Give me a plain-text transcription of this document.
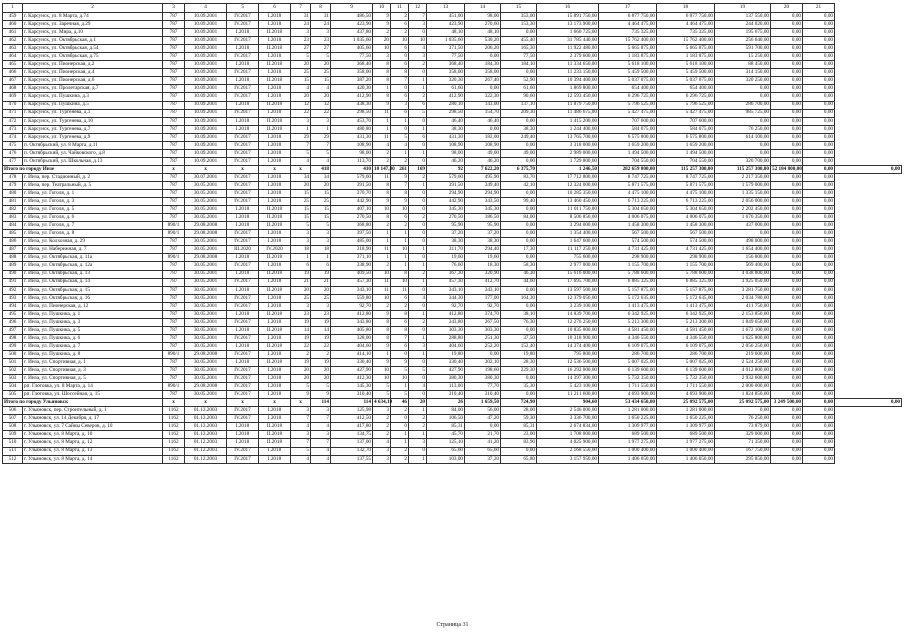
1	2	3	4	5	6	7	8	9	10	11	12	13	14	15	16	17	18	19	20	21	
459	г. Карсунск, ул. 8 Марта, д.74	787	10.09.2001	IV.2017	I.2018	31	31	486,50	9	2	7	451,00	98,00	353,00	15 891 750,00	6 877 750,00	6 877 750,00	137 550,00	0,00	0,00	
460	г. Карсунск, ул. Заречная, д.29	787	10.09.2001	IV.2017	I.2018	24	24	423,90	9	6	3	423,90	270,60	153,30	13 173 900,00	4 464 475,00	4 464 475,00	244 020,00	0,00	0,00	
461	г. Карсунск, ул. Мира, д.10	787	10.09.2001	I.2018	II.2018	3	3	437,80	2	2	0	48,10	48,10	0,00	1 660 725,00	735 325,00	735 325,00	195 675,00	0,00	0,00	
462	г. Карсунск, ул. Октябрьская, д.1	787	10.09.2001	IV.2017	I.2018	23	23	1 035,60	20	10	10	1 035,60	530,20	455,40	31 785 440,00	15 762 400,00	15 762 400,00	256 640,00	0,00	0,00	
463	г. Карсунск, ул. Октябрьская, д.54	787	10.09.2001	I.2018	II.2018	27	27	405,60	10	6	4	371,50	206,20	165,30	11 922 480,00	5 665 875,00	5 665 875,00	591 700,00	0,00	0,00	
464	г. Карсунск, ул. Октябрьская, д.75	787	10.09.2001	IV.2017	I.2018	5	5	77,50	3	0	3	77,50	0,00	77,50	2 379 600,00	1 183 875,00	1 183 875,00	15 250,00	0,00	0,00	
465	г. Карсунск, ул. Пионерская, д.2	787	10.09.2001	I.2018	II.2018	20	20	368,40	8	6	2	368,40	184,30	184,10	11 334 650,00	5 618 100,00	5 618 100,00	88 450,00	0,00	0,00	
466	г. Карсунск, ул. Пионерская, д.4	787	10.09.2001	IV.2017	I.2018	25	25	358,00	8	8	0	358,00	358,00	0,00	11 233 150,00	5 459 500,00	5 459 500,00	314 150,00	0,00	0,00	
467	г. Карсунск, ул. Пионерская, д.6	787	10.09.2001	I.2018	II.2018	15	15	387,20	8	7	1	320,30	267,40	52,90	10 394 400,00	5 037 075,00	5 037 075,00	320 250,00	0,00	0,00	
468	г. Карсунск, ул. Пролетарская, д.7	787	10.09.2001	IV.2017	I.2018	4	4	420,30	1	0	1	61,60	0,00	61,60	1 869 800,00	654 400,00	654 400,00	0,00	0,00	0,00	
469	г. Карсунск, ул. Пушкина, д.3	787	10.09.2001	IV.2017	I.2018	20	20	412,90	8	6	2	412,90	322,30	90,60	12 593 450,00	6 296 725,00	6 296 725,00	0,00	0,00	0,00	
470	г. Карсунск, ул. Пушкина, д.5	787	10.09.2001	I.2018	II.2018	12	12	438,30	9	3	6	280,10	143,00	137,10	11 879 750,00	5 796 525,00	5 796 525,00	286 700,00	0,00	0,00	
471	г. Карсунск, ул. Тургенева, д.1	787	10.09.2001	IV.2017	I.2018	22	22	298,50	11	6	5	298,50	154,70	209,30	11 486 675,00	5 427 475,00	5 427 475,00	985 725,00	0,00	0,00	
472	г. Карсунск, ул. Тургенева, д.10	787	10.09.2001	I.2018	II.2018	3	3	453,70	1	1	0	46,40	46,40	0,00	1 415 200,00	707 600,00	707 600,00	0,00	0,00	0,00	
473	г. Карсунск, ул. Тургенева, д.7	787	10.09.2001	I.2018	II.2018	1	1	480,80	1	0	1	38,30	0,00	38,30	1 244 400,00	584 075,00	584 075,00	76 250,00	0,00	0,00	
474	г. Карсунск, ул. Тургенева, д.9	787	10.09.2001	IV.2017	I.2018	29	29	431,30	11	5	6	431,30	182,00	249,40	13 765 700,00	6 575 800,00	6 575 800,00	614 100,00	0,00	0,00	
475	п. Октябрьский, ул. 8 Марта, д.11	787	10.09.2001	IV.2017	I.2018	7	7	108,90	4	4	0	108,90	108,90	0,00	3 318 000,00	1 659 200,00	1 659 200,00	0,00	0,00	0,00	
476	п. Октябрьский, ул. Чайковского, д.8	787	10.09.2001	IV.2017	I.2018	5	5	98,00	2	1	1	98,00	49,00	49,00	2 989 000,00	1 494 500,00	1 494 500,00	0,00	0,00	0,00	
477	п. Октябрьский, ул. Школьная, д.13	787	10.09.2001	IV.2017	I.2018	4	4	113,70	2	2	0	46,20	46,20	0,00	1 729 800,00	704 550,00	704 550,00	320 700,00	0,00	0,00	
Итого по городу Инзе		x	x	x	x	x	418	410	10 147,80	261	169	92	7 622,20	6 375,70	1 246,50	282 659 800,00	115 257 300,00	115 257 300,00	52 184 800,00	0,00	0,00
478	г. Инза, пер. Стадионный, д. 2	787	30.07.2001	IV.2017	I.2018	34	34	579,60	11	9	2	579,60	495,90	83,70	17 712 800,00	8 747 725,00	8 747 725,00	2 217 350,00	0,00	0,00	
479	г. Инза, пер. Театральный, д. 5	787	30.05.2001	IV.2017	I.2018	20	20	391,50	8	7	1	391,50	349,40	42,10	12 324 000,00	5 871 575,00	5 871 575,00	1 579 000,00	0,00	0,00	
480	г. Инза, ул. Гоголя, д. 1	787	30.05.2001	IV.2017	I.2018	15	15	370,70	8	8	0	294,90	294,90	0,00	10 285 350,00	4 475 100,00	4 475 100,00	1 335 150,00	0,00	0,00	
481	г. Инза, ул. Гоголя, д. 3	787	30.05.2001	IV.2017	I.2018	25	25	442,90	9	9	0	442,90	343,50	99,40	13 460 450,00	6 713 225,00	6 713 225,00	2 056 000,00	0,00	0,00	
482	г. Инза, ул. Гоголя, д. 5	787	30.05.2001	I.2018	II.2018	15	15	407,10	10	10	0	345,30	345,30	0,00	11 011 750,00	5 304 650,00	5 304 650,00	2 202 450,00	0,00	0,00	
483	г. Инза, ул. Гоголя, д. 6	787	30.05.2001	I.2018	II.2018	15	15	270,50	8	6	2	270,50	186,50	84,00	8 506 850,00	4 006 075,00	4 006 075,00	1 676 350,00	0,00	0,00	
484	г. Инза, ул. Гоголя, д. 7	890/1	29.08.2008	I.2018	II.2018	5	5	368,80	2	2	0	95,90	95,90	0,00	3 294 000,00	1 458 300,00	1 458 300,00	437 000,00	0,00	0,00	
485	г. Инза, ул. Гоголя, д. 8	890/1	29.08.2008	IV.2017	I.2018	3	3	397,50	1	1	0	37,20	37,20	0,00	1 354 400,00	567 500,00	567 500,00	0,00	0,00	0,00	
486	г. Инза, ул. Колхозная, д. 29	787	30.05.2001	IV.2017	I.2018	3	3	485,00	1	1	0	38,30	38,30	0,00	1 647 600,00	574 500,00	574 500,00	498 000,00	0,00	0,00	
487	г. Инза, ул. Набережная, д. 7	787	30.05.2001	III.2020	IV.2020	18	18	318,90	11	10	1	311,70	294,40	17,30	11 117 250,00	4 731 425,00	4 731 425,00	1 654 400,00	0,00	0,00	
488	г. Инза, ул. Октябрьская, д. 11а	890/1	29.08.2008	I.2018	II.2018	1	1	371,10	1	1	0	19,60	19,60	0,00	755 600,00	298 900,00	298 900,00	156 800,00	0,00	0,00	
489	г. Инза, ул. Октябрьская, д. 12а	787	30.05.2001	IV.2017	I.2018	6	6	338,90	2	1	1	76,60	18,30	58,30	2 977 000,00	1 155 700,00	1 155 700,00	569 400,00	0,00	0,00	
490	г. Инза, ул. Октябрьская, д. 13	787	30.05.2001	I.2018	II.2018	19	19	409,50	10	8	2	367,30	320,90	46,30	15 616 000,00	5 788 600,00	5 788 600,00	4 038 800,00	0,00	0,00	
491	г. Инза, ул. Октябрьская, д. 14	787	30.05.2001	IV.2017	I.2018	21	21	457,30	11	10	1	457,30	412,70	44,60	17 695 700,00	6 885 325,00	6 885 325,00	3 925 050,00	0,00	0,00	
492	г. Инза, ул. Октябрьская, д. 15	787	30.05.2001	I.2018	II.2018	20	20	343,10	11	11	0	343,10	343,10	0,00	13 597 500,00	5 157 875,00	5 157 875,00	3 281 750,00	0,00	0,00	
493	г. Инза, ул. Октябрьская, д. 16	787	30.05.2001	IV.2017	I.2018	25	25	559,80	10	6	4	344,30	177,00	164,30	12 379 050,00	5 172 635,00	5 172 635,00	2 034 780,00	0,00	0,00	
494	г. Инза, ул. Пионерская, д. 12	787	30.05.2001	IV.2017	I.2018	3	3	92,70	2	2	0	92,70	92,70	0,00	3 239 100,00	1 413 475,00	1 413 475,00	411 750,00	0,00	0,00	
495	г. Инза, ул. Пушкина, д. 1	787	30.05.2001	I.2018	II.2018	23	23	412,80	9	8	1	412,80	374,70	38,10	14 839 700,00	6 342 925,00	6 342 925,00	2 153 850,00	0,00	0,00	
496	г. Инза, ул. Пушкина, д. 3	787	30.05.2001	IV.2017	I.2018	19	19	343,80	8	6	2	343,80	267,50	76,30	12 276 250,00	5 213 300,00	5 213 300,00	1 849 650,00	0,00	0,00	
497	г. Инза, ул. Пушкина, д. 5	787	30.05.2001	I.2018	II.2018	14	14	405,80	8	8	0	303,30	303,30	0,00	10 835 000,00	4 581 450,00	4 581 450,00	1 672 100,00	0,00	0,00	
498	г. Инза, ул. Пушкина, д. 6	787	30.05.2001	IV.2017	I.2018	19	19	328,00	8	7	1	288,80	251,30	37,50	10 318 900,00	4 346 550,00	4 346 550,00	1 625 800,00	0,00	0,00	
499	г. Инза, ул. Пушкина, д. 7	787	30.05.2001	I.2018	II.2018	22	22	404,60	9	6	3	404,60	252,20	152,40	14 374 400,00	6 109 075,00	6 109 075,00	2 056 250,00	0,00	0,00	
500	г. Инза, ул. Пушкина, д. 8	890/1	29.08.2008	IV.2017	I.2018	2	2	414,10	1	0	1	19,80	0,00	19,80	795 800,00	286 700,00	286 700,00	219 600,00	0,00	0,00	
501	г. Инза, ул. Спортивная, д. 1	787	30.05.2001	I.2018	II.2018	19	19	330,40	9	9	0	330,40	302,10	28,30	12 536 500,00	5 007 025,00	5 007 025,00	2 524 250,00	0,00	0,00	
502	г. Инза, ул. Спортивная, д. 3	787	30.05.2001	IV.2017	I.2018	20	20	427,90	10	5	5	427,90	198,60	229,30	16 292 000,00	6 139 600,00	6 139 600,00	4 012 800,00	0,00	0,00	
503	г. Инза, ул. Спортивная, д. 5	787	30.05.2001	IV.2017	I.2018	20	20	412,30	10	10	0	380,30	380,30	0,00	14 397 300,00	5 732 350,00	5 732 350,00	2 932 600,00	0,00	0,00	
504	рп. Глотовка, ул. 8 Марта, д. 14	890/1	29.08.2008	IV.2017	I.2018	5	5	145,30	5	1	4	113,00	77,70	35,30	5 423 100,00	1 711 550,00	1 711 550,00	2 000 000,00	0,00	0,00	
505	рп. Глотовка, ул. Шоссейная, д. 15	787	30.05.2001	IV.2017	I.2018	9	9	310,40	5	5	0	310,40	310,40	0,00	11 211 600,00	4 693 900,00	4 693 900,00	1 824 850,00	0,00	0,00	
Итого по городу Ульяновск		x	x	x	x	x	114	114	4 634,19	46	20	26	1 659,50	724,90	904,60	53 434 650,00	25 092 575,00	25 092 575,00	3 249 500,00	0,00	0,00
506	г. Ульяновск, пер. Строительный, д. 1	1162	01.12.2003	IV.2017	I.2018	3	3	125,98	3	2	1	84,00	56,00	28,00	2 546 000,00	1 281 000,00	1 281 000,00	0,00	0,00	0,00	
507	г. Ульяновск, ул. 14 Декабря, д. 17	1162	01.12.2003	IV.2017	I.2018	7	7	412,50	2	0	2	106,50	47,20	59,30	3 336 700,00	1 650 225,00	1 650 225,00	76 250,00	0,00	0,00	
508	г. Ульяновск, ул. 7 Сайны Северов, д. 10	1162	01.12.2003	I.2018	II.2018	4	4	417,80	2	0	2	85,31	0,00	85,31	2 674 834,00	1 309 977,00	1 309 977,00	73 879,00	0,00	0,00	
509	г. Ульяновск, ул. 8 Марта, д. 10	1162	01.12.2003	I.2018	II.2018	3	3	134,75	2	1	1	45,70	21,70	23,00	1 708 000,00	689 500,00	689 500,00	329 000,00	0,00	0,00	
510	г. Ульяновск, ул. 8 Марта, д. 12	1162	01.12.2003	I.2018	II.2018	7	7	137,00	4	1	3	125,10	41,20	83,90	4 025 900,00	1 977 275,00	1 977 275,00	71 350,00	0,00	0,00	
511	г. Ульяновск, ул. 8 Марта, д. 13	1162	01.12.2003	IV.2017	I.2018	5	4	132,70	3	2	0	65,60	65,60	0,00	2 168 550,00	1 000 400,00	1 000 400,00	167 750,00	0,00	0,00	
512	г. Ульяновск, ул. 8 Марта, д. 14	1162	01.12.2003	IV.2017	I.2018	4	4	137,55	3	2	1	103,00	37,20	65,80	3 157 950,00	1 406 050,00	1 406 050,00	295 850,00	0,00	0,00	
Страница 31
